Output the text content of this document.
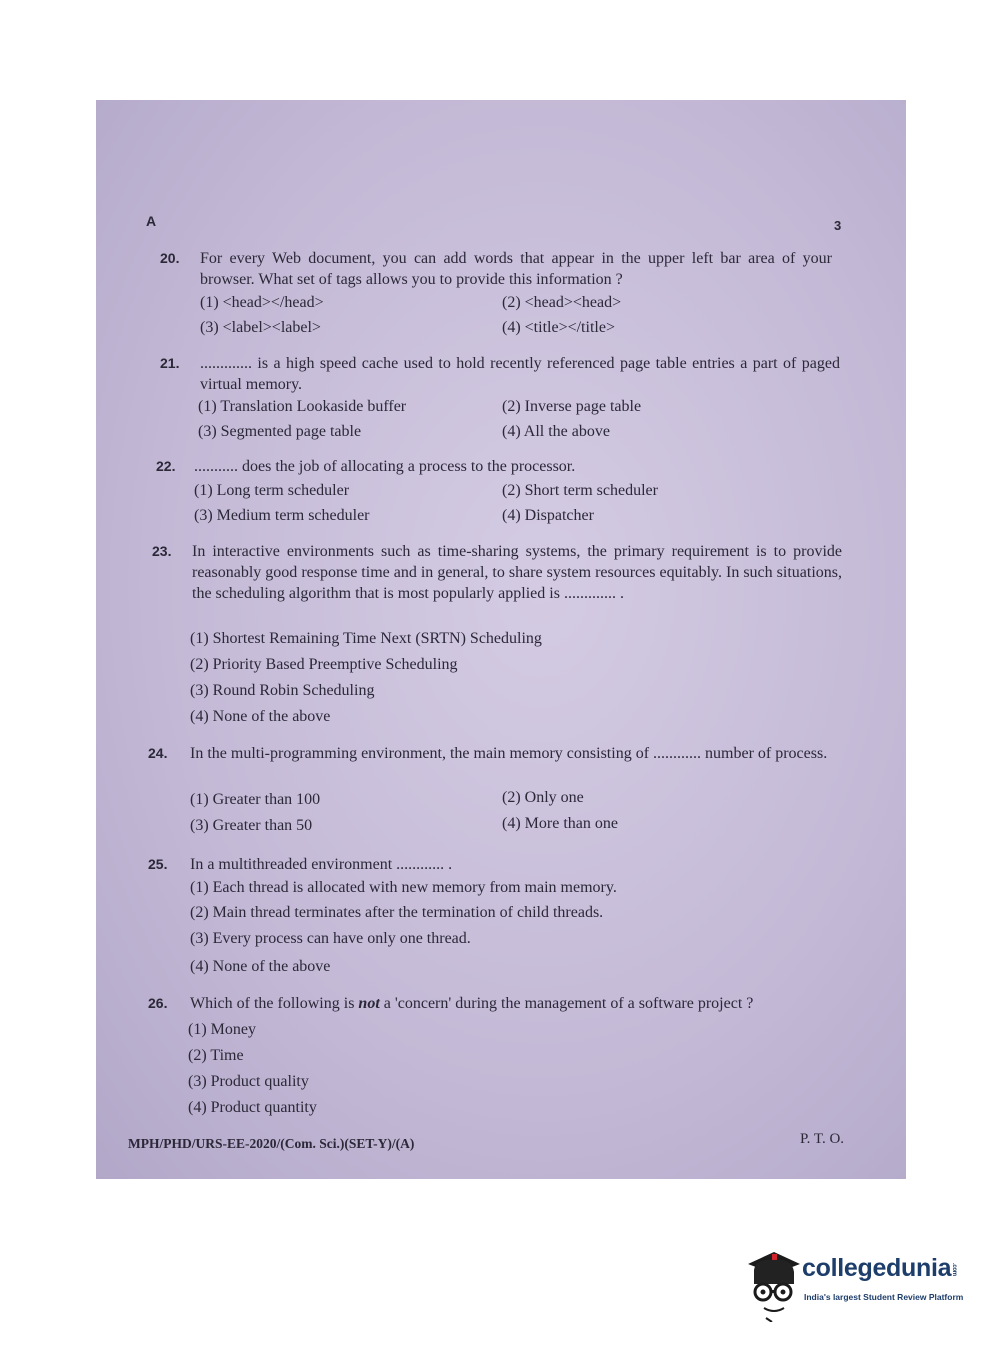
A	3
20. For every Web document, you can add words that appear in the upper left bar area of your browser. What set of tags allows you to provide this information ?
(1) <head></head>	(2) <head><head>
(3) <label><label>	(4) <title></title>
21. ............. is a high speed cache used to hold recently referenced page table entries a part of paged virtual memory.
(1) Translation Lookaside buffer	(2) Inverse page table
(3) Segmented page table	(4) All the above
22. ........... does the job of allocating a process to the processor.
(1) Long term scheduler	(2) Short term scheduler
(3) Medium term scheduler	(4) Dispatcher
23. In interactive environments such as time-sharing systems, the primary requirement is to provide reasonably good response time and in general, to share system resources equitably. In such situations, the scheduling algorithm that is most popularly applied is ............. .
(1) Shortest Remaining Time Next (SRTN) Scheduling
(2) Priority Based Preemptive Scheduling
(3) Round Robin Scheduling
(4) None of the above
24. In the multi-programming environment, the main memory consisting of ............ number of process.
(1) Greater than 100	(2) Only one
(3) Greater than 50	(4) More than one
25. In a multithreaded environment ............ .
(1) Each thread is allocated with new memory from main memory.
(2) Main thread terminates after the termination of child threads.
(3) Every process can have only one thread.
(4) None of the above
26. Which of the following is not a 'concern' during the management of a software project ?
(1) Money
(2) Time
(3) Product quality
(4) Product quantity
MPH/PHD/URS-EE-2020/(Com. Sci.)(SET-Y)/(A)	P. T. O.
collegedunia.com
India's largest Student Review Platform
